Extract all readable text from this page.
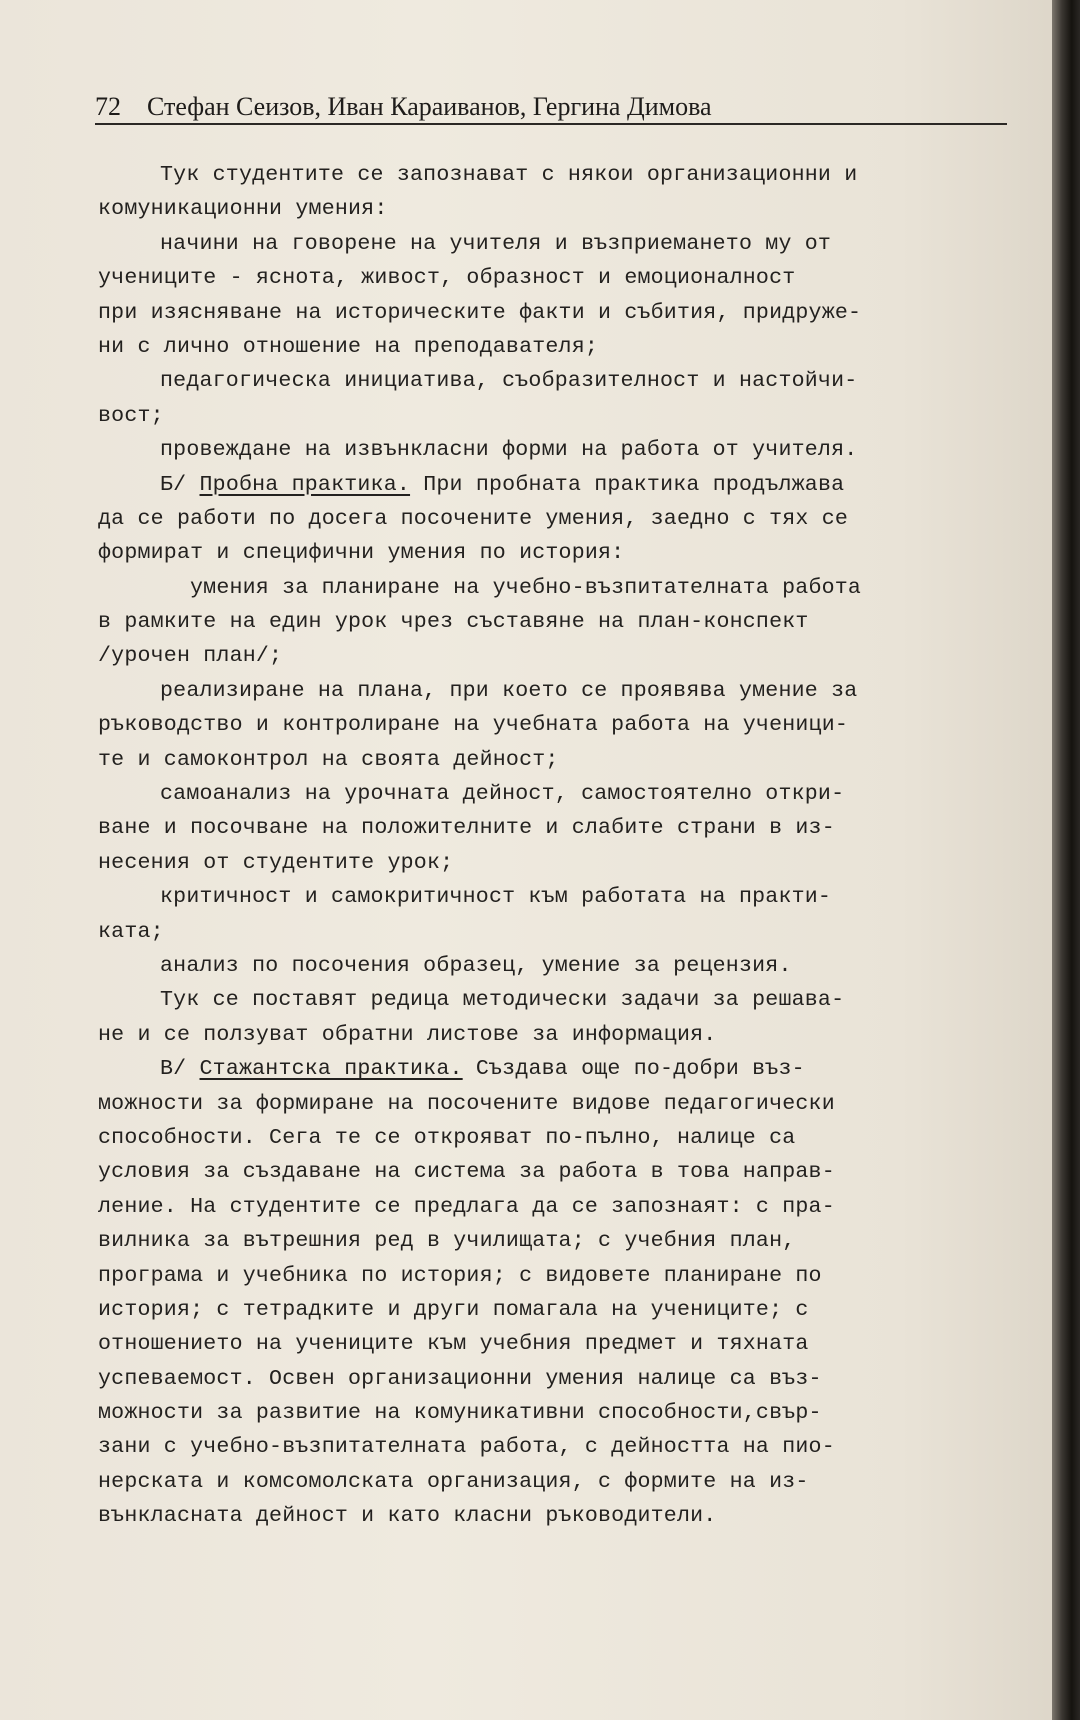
72 Стефан Сеизов, Иван Караиванов, Гергина Димова
Тук студентите се запознават с някои организационни и
комуникационни умения:
начини на говорене на учителя и възприемането му от
учениците - яснота, живост, образност и емоционалност
при изясняване на историческите факти и събития, придруже-
ни с лично отношение на преподавателя;
педагогическа инициатива, съобразителност и настойчи-
вост;
провеждане на извънкласни форми на работа от учителя.
Б/ Пробна практика. При пробната практика продължава
да се работи по досега посочените умения, заедно с тях се
формират и специфични умения по история:
умения за планиране на учебно-възпитателната работа
в рамките на един урок чрез съставяне на план-конспект
/урочен план/;
реализиране на плана, при което се проявява умение за
ръководство и контролиране на учебната работа на ученици-
те и самоконтрол на своята дейност;
самоанализ на урочната дейност, самостоятелно откри-
ване и посочване на положителните и слабите страни в из-
несения от студентите урок;
критичност и самокритичност към работата на практи-
ката;
анализ по посочения образец, умение за рецензия.
Тук се поставят редица методически задачи за решава-
не и се ползуват обратни листове за информация.
В/ Стажантска практика. Създава още по-добри въз-
можности за формиране на посочените видове педагогически
способности. Сега те се открояват по-пълно, налице са
условия за създаване на система за работа в това направ-
ление. На студентите се предлага да се запознаят: с пра-
вилника за вътрешния ред в училищата; с учебния план,
програма и учебника по история; с видовете планиране по
история; с тетрадките и други помагала на учениците; с
отношението на учениците към учебния предмет и тяхната
успеваемост. Освен организационни умения налице са въз-
можности за развитие на комуникативни способности,свър-
зани с учебно-възпитателната работа, с дейността на пио-
нерската и комсомолската организация, с формите на из-
вънкласната дейност и като класни ръководители.
